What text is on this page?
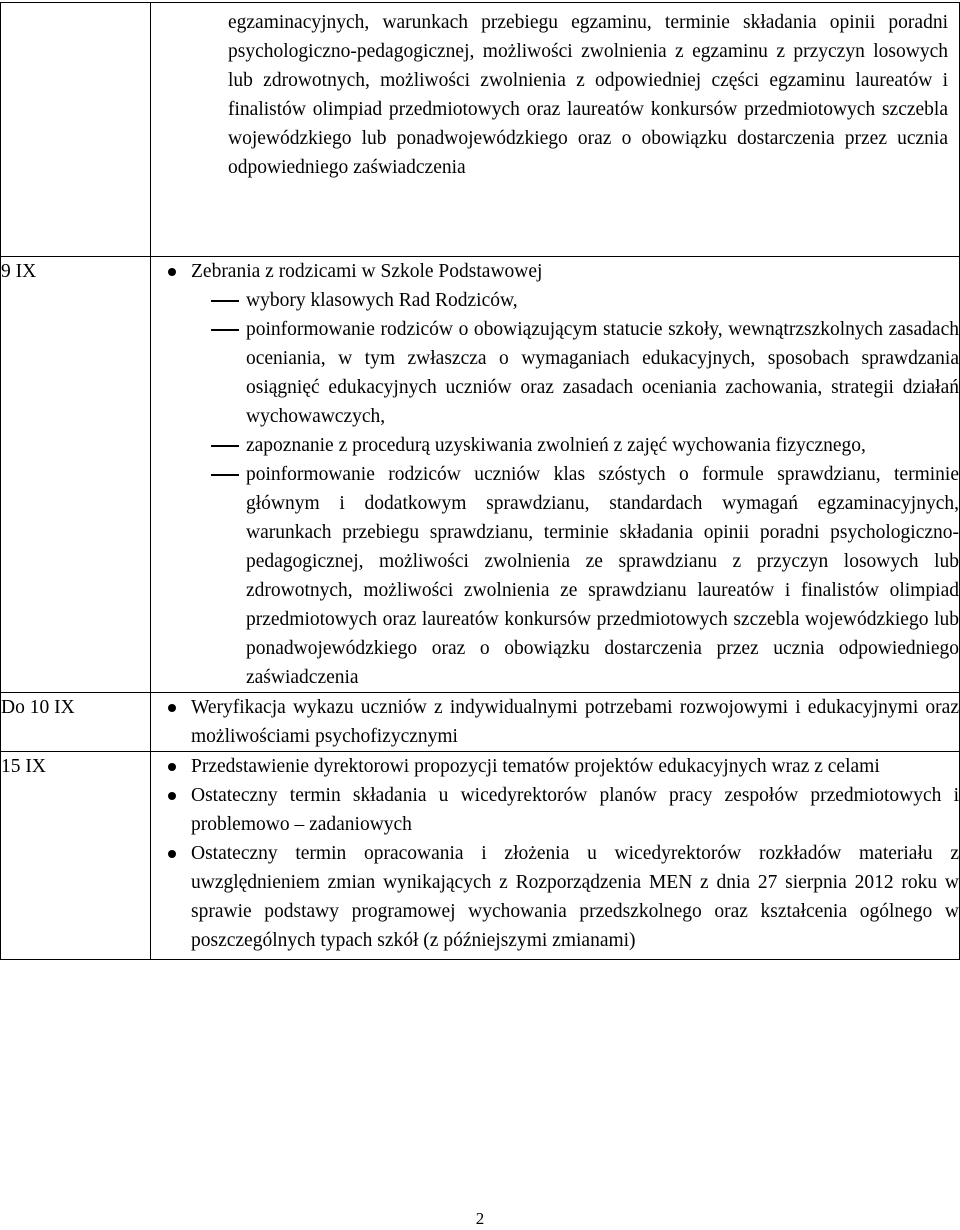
	egzaminacyjnych, warunkach przebiegu egzaminu, terminie składania opinii poradni psychologiczno-pedagogicznej, możliwości zwolnienia z egzaminu z przyczyn losowych lub zdrowotnych, możliwości zwolnienia z odpowiedniej części egzaminu laureatów i finalistów olimpiad przedmiotowych oraz laureatów konkursów przedmiotowych szczebla wojewódzkiego lub ponadwojewódzkiego oraz o obowiązku dostarczenia przez ucznia odpowiedniego zaświadczenia

9 IX	Zebrania z rodzicami w Szkole Podstawowej
wybory klasowych Rad Rodziców,
poinformowanie rodziców o obowiązującym statucie szkoły, wewnątrzszkolnych zasadach oceniania, w tym zwłaszcza o wymaganiach edukacyjnych, sposobach sprawdzania osiągnięć edukacyjnych uczniów oraz zasadach oceniania zachowania, strategii działań wychowawczych,
zapoznanie z procedurą uzyskiwania zwolnień z zajęć wychowania fizycznego,
poinformowanie rodziców uczniów klas szóstych o formule sprawdzianu, terminie głównym i dodatkowym sprawdzianu, standardach wymagań egzaminacyjnych, warunkach przebiegu sprawdzianu, terminie składania opinii poradni psychologiczno-pedagogicznej, możliwości zwolnienia ze sprawdzianu z przyczyn losowych lub zdrowotnych, możliwości zwolnienia ze sprawdzianu laureatów i finalistów olimpiad przedmiotowych oraz laureatów konkursów przedmiotowych szczebla wojewódzkiego lub ponadwojewódzkiego oraz o obowiązku dostarczenia przez ucznia odpowiedniego zaświadczenia

Do 10 IX	Weryfikacja wykazu uczniów z indywidualnymi potrzebami rozwojowymi i edukacyjnymi oraz możliwościami psychofizycznymi

15 IX	Przedstawienie dyrektorowi propozycji tematów projektów edukacyjnych wraz z celami
Ostateczny termin składania u wicedyrektorów planów pracy zespołów przedmiotowych i problemowo – zadaniowych
Ostateczny termin opracowania i złożenia u wicedyrektorów rozkładów materiału z uwzględnieniem zmian wynikających z Rozporządzenia MEN z dnia 27 sierpnia 2012 roku w sprawie podstawy programowej wychowania przedszkolnego oraz kształcenia ogólnego w poszczególnych typach szkół (z późniejszymi zmianami)
2
